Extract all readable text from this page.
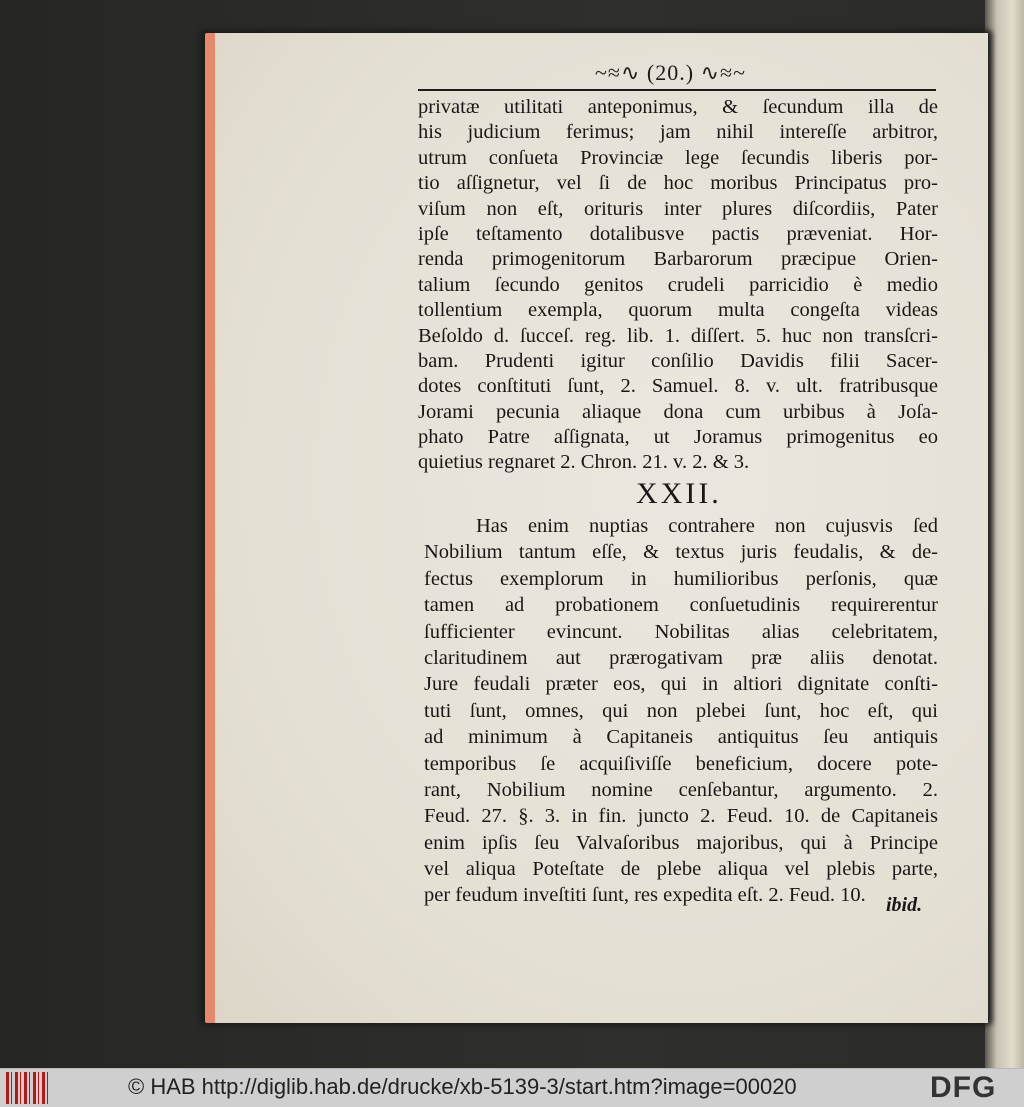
~≈∿ (20.) ∿≈~
privatæ utilitati anteponimus, & ſecundum illa de
his judicium ferimus; jam nihil intereſſe arbitror,
utrum conſueta Provinciæ lege ſecundis liberis por-
tio aſſignetur, vel ſi de hoc moribus Principatus pro-
viſum non eſt, orituris inter plures diſcordiis, Pater
ipſe teſtamento dotalibusve pactis præveniat. Hor-
renda primogenitorum Barbarorum præcipue Orien-
talium ſecundo genitos crudeli parricidio è medio
tollentium exempla, quorum multa congeſta videas
Beſoldo d. ſucceſ. reg. lib. 1. diſſert. 5. huc non transſcri-
bam. Prudenti igitur conſilio Davidis filii Sacer-
dotes conſtituti ſunt, 2. Samuel. 8. v. ult. fratribusque
Jorami pecunia aliaque dona cum urbibus à Joſa-
phato Patre aſſignata, ut Joramus primogenitus eo
quietius regnaret 2. Chron. 21. v. 2. & 3.
XXII.
Has enim nuptias contrahere non cujusvis ſed
Nobilium tantum eſſe, & textus juris feudalis, & de-
fectus exemplorum in humilioribus perſonis, quæ
tamen ad probationem conſuetudinis requirerentur
ſufficienter evincunt. Nobilitas alias celebritatem,
claritudinem aut prærogativam præ aliis denotat.
Jure feudali præter eos, qui in altiori dignitate conſti-
tuti ſunt, omnes, qui non plebei ſunt, hoc eſt, qui
ad minimum à Capitaneis antiquitus ſeu antiquis
temporibus ſe acquiſiviſſe beneficium, docere pote-
rant, Nobilium nomine cenſebantur, argumento. 2.
Feud. 27. §. 3. in fin. juncto 2. Feud. 10. de Capitaneis
enim ipſis ſeu Valvaſoribus majoribus, qui à Principe
vel aliqua Poteſtate de plebe aliqua vel plebis parte,
per feudum inveſtiti ſunt, res expedita eſt. 2. Feud. 10.	ibid.
© HAB http://diglib.hab.de/drucke/xb-5139-3/start.htm?image=00020	DFG
